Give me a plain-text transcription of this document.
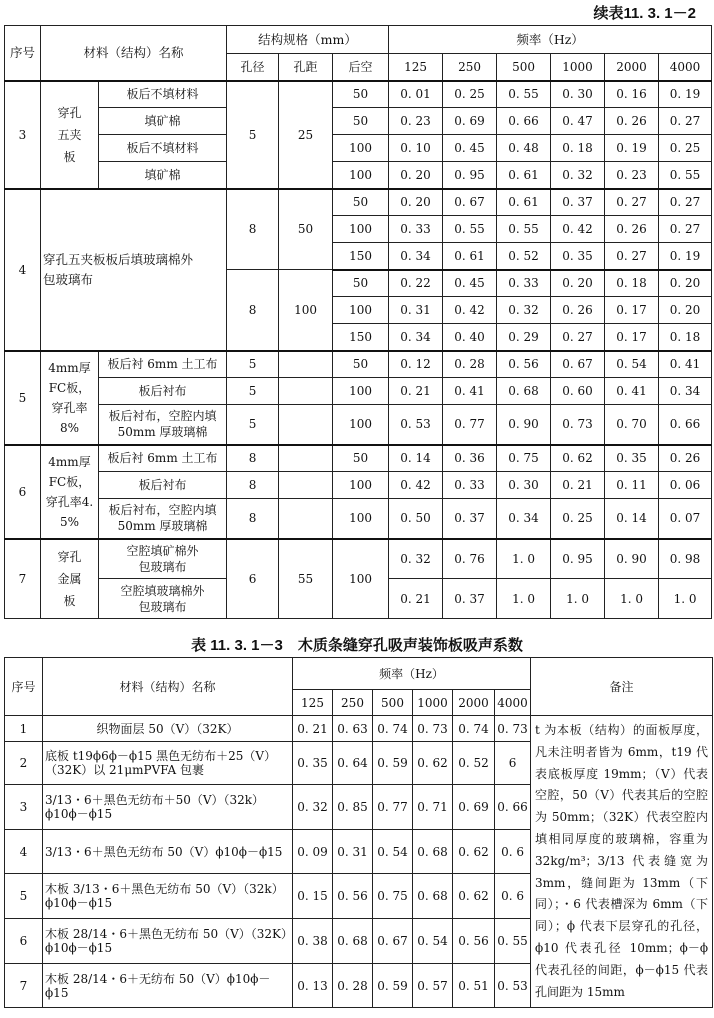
续表11. 3. 1－2
序号	材料（结构）名称		结构规格（mm）			频率（Hz）					
			孔径	孔距	后空	125	250	500	1000	2000	4000
3	穿孔五夹板	板后不填材料	5	25	50	0. 01	0. 25	0. 55	0. 30	0. 16	0. 19
		填矿棉			50	0. 23	0. 69	0. 66	0. 47	0. 26	0. 27
		板后不填材料			100	0. 10	0. 45	0. 48	0. 18	0. 19	0. 25
		填矿棉			100	0. 20	0. 95	0. 61	0. 32	0. 23	0. 55
4	穿孔五夹板板后填玻璃棉外包玻璃布		8	50	50	0. 20	0. 67	0. 61	0. 37	0. 27	0. 27
					100	0. 33	0. 55	0. 55	0. 42	0. 26	0. 27
					150	0. 34	0. 61	0. 52	0. 35	0. 27	0. 19
			8	100	50	0. 22	0. 45	0. 33	0. 20	0. 18	0. 20
					100	0. 31	0. 42	0. 32	0. 26	0. 17	0. 20
					150	0. 34	0. 40	0. 29	0. 27	0. 17	0. 18
5	4mm厚FC板，穿孔率8%	板后衬 6mm 土工布	5		50	0. 12	0. 28	0. 56	0. 67	0. 54	0. 41
		板后衬布	5		100	0. 21	0. 41	0. 68	0. 60	0. 41	0. 34
		板后衬布，空腔内填 50mm 厚玻璃棉	5		100	0. 53	0. 77	0. 90	0. 73	0. 70	0. 66
6	4mm厚FC板，穿孔率4. 5%	板后衬 6mm 土工布	8		50	0. 14	0. 36	0. 75	0. 62	0. 35	0. 26
		板后衬布	8		100	0. 42	0. 33	0. 30	0. 21	0. 11	0. 06
		板后衬布，空腔内填 50mm 厚玻璃棉	8		100	0. 50	0. 37	0. 34	0. 25	0. 14	0. 07
7	穿孔金属板	空腔填矿棉外包玻璃布	6	55	100	0. 32	0. 76	1. 0	0. 95	0. 90	0. 98
		空腔填玻璃棉外包玻璃布				0. 21	0. 37	1. 0	1. 0	1. 0	1. 0
表 11. 3. 1－3　木质条缝穿孔吸声装饰板吸声系数
序号	材料（结构）名称	频率（Hz）						备注
		125	250	500	1000	2000	4000	
1	织物面层 50（V）（32K）	0. 21	0. 63	0. 74	0. 73	0. 74	0. 73	t 为本板（结构）的面板厚度，凡未注明者皆为 6mm，t19 代表底板厚度 19mm；（V）代表空腔，50（V）代表其后的空腔为 50mm；（32K）代表空腔内填相同厚度的玻璃棉，容重为 32kg/m³；3/13 代表缝宽为 3mm，缝间距为 13mm（下同）；・6 代表槽深为 6mm（下同）；ϕ 代表下层穿孔的孔径，ϕ10 代表孔径 10mm；ϕ－ϕ 代表孔径的间距，ϕ－ϕ15 代表孔间距为 15mm
2	底板 t19ϕ6ϕ－ϕ15 黑色无纺布＋25（V）（32K）以 21μmPVFA 包裹	0. 35	0. 64	0. 59	0. 62	0. 52	6	
3	3/13・6＋黑色无纺布＋50（V）（32k）ϕ10ϕ－ϕ15	0. 32	0. 85	0. 77	0. 71	0. 69	0. 66	
4	3/13・6＋黑色无纺布 50（V）ϕ10ϕ－ϕ15	0. 09	0. 31	0. 54	0. 68	0. 62	0. 6	
5	木板 3/13・6＋黑色无纺布 50（V）（32k）ϕ10ϕ－ϕ15	0. 15	0. 56	0. 75	0. 68	0. 62	0. 6	
6	木板 28/14・6＋黑色无纺布 50（V）（32K）ϕ10ϕ－ϕ15	0. 38	0. 68	0. 67	0. 54	0. 56	0. 55	
7	木板 28/14・6＋无纺布 50（V）ϕ10ϕ－ϕ15	0. 13	0. 28	0. 59	0. 57	0. 51	0. 53	
